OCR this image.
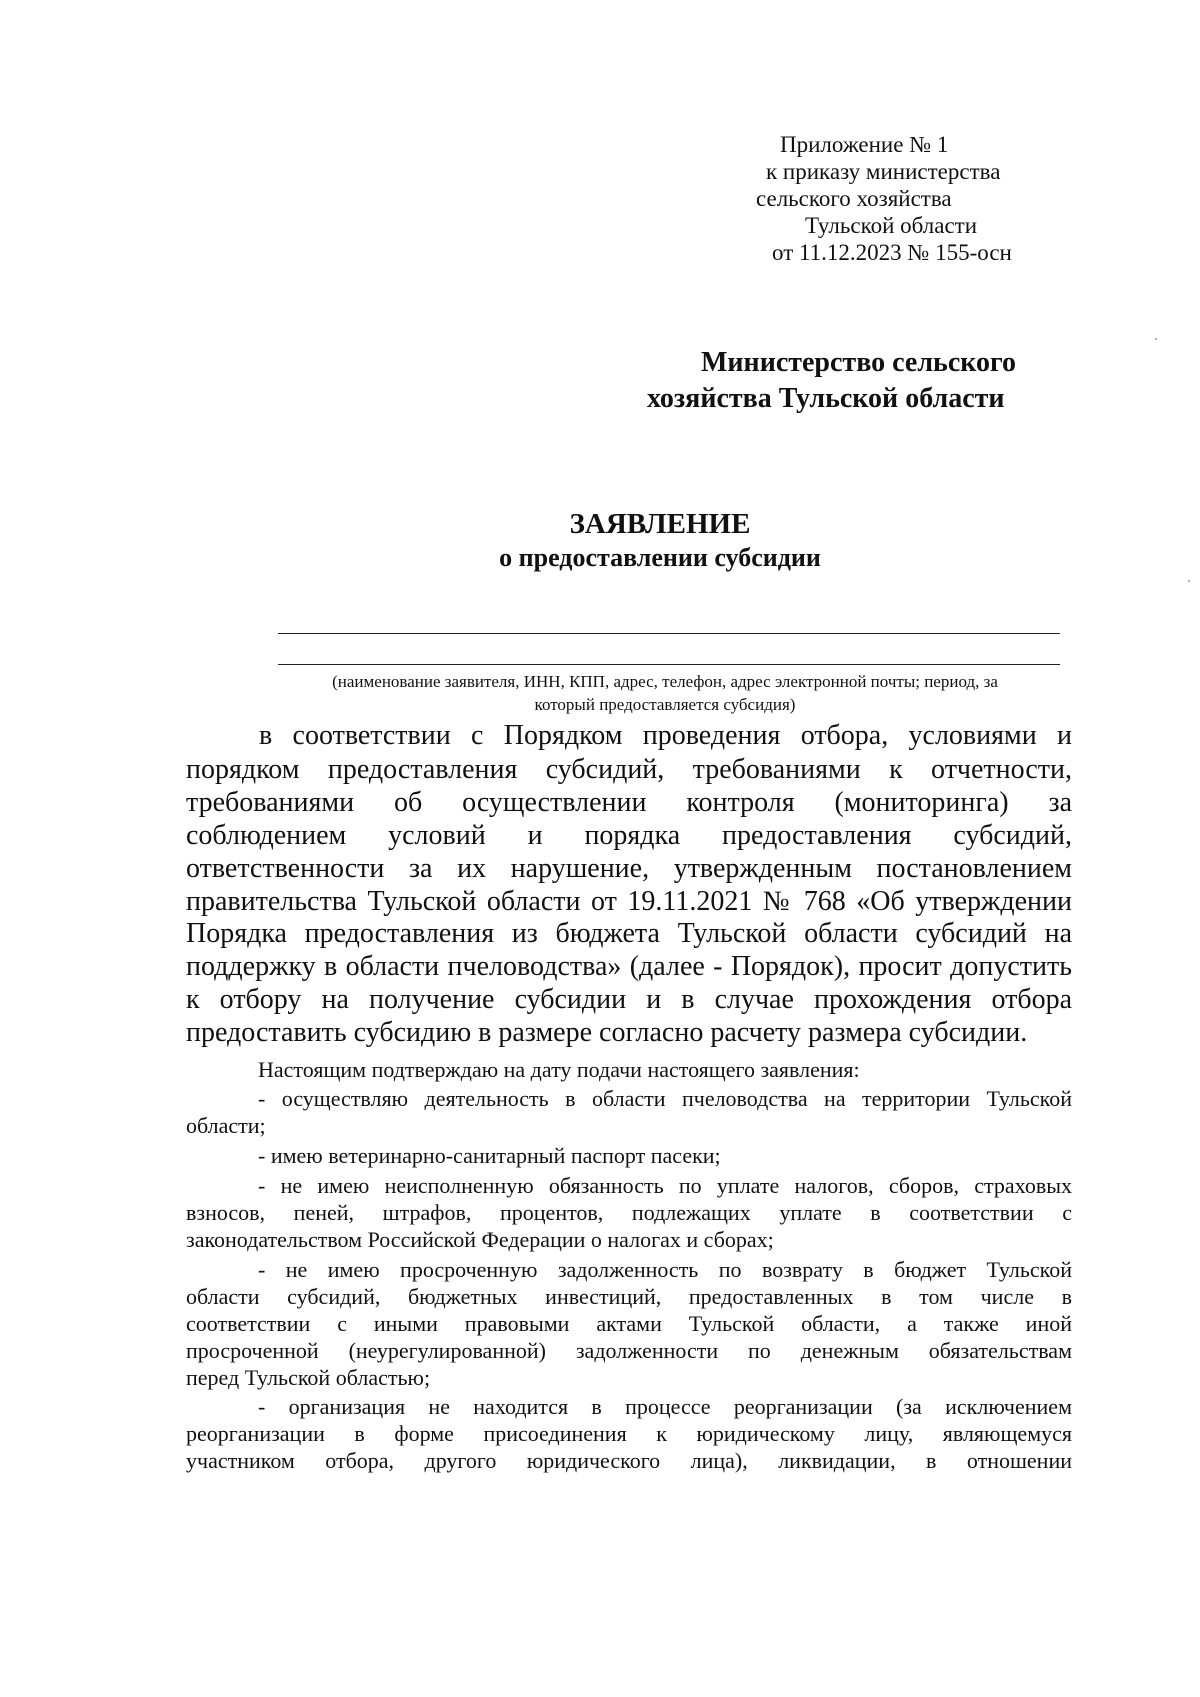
Приложение № 1
к приказу министерства
сельского хозяйства
Тульской области
от 11.12.2023 № 155-осн
Министерство сельского
хозяйства Тульской области
ЗАЯВЛЕНИЕ
о предоставлении субсидии
(наименование заявителя, ИНН, КПП, адрес, телефон, адрес электронной почты; период, за
который предоставляется субсидия)
в соответствии с Порядком проведения отбора, условиями и
порядком предоставления субсидий, требованиями к отчетности,
требованиями об осуществлении контроля (мониторинга) за
соблюдением условий и порядка предоставления субсидий,
ответственности за их нарушение, утвержденным постановлением
правительства Тульской области от 19.11.2021 № 768 «Об утверждении
Порядка предоставления из бюджета Тульской области субсидий на
поддержку в области пчеловодства» (далее - Порядок), просит допустить
к отбору на получение субсидии и в случае прохождения отбора
предоставить субсидию в размере согласно расчету размера субсидии.
Настоящим подтверждаю на дату подачи настоящего заявления:
- осуществляю деятельность в области пчеловодства на территории Тульской
области;
- имею ветеринарно-санитарный паспорт пасеки;
- не имею неисполненную обязанность по уплате налогов, сборов, страховых
взносов, пеней, штрафов, процентов, подлежащих уплате в соответствии с
законодательством Российской Федерации о налогах и сборах;
- не имею просроченную задолженность по возврату в бюджет Тульской
области субсидий, бюджетных инвестиций, предоставленных в том числе в
соответствии с иными правовыми актами Тульской области, а также иной
просроченной (неурегулированной) задолженности по денежным обязательствам
перед Тульской областью;
- организация не находится в процессе реорганизации (за исключением
реорганизации в форме присоединения к юридическому лицу, являющемуся
участником отбора, другого юридического лица), ликвидации, в отношении
